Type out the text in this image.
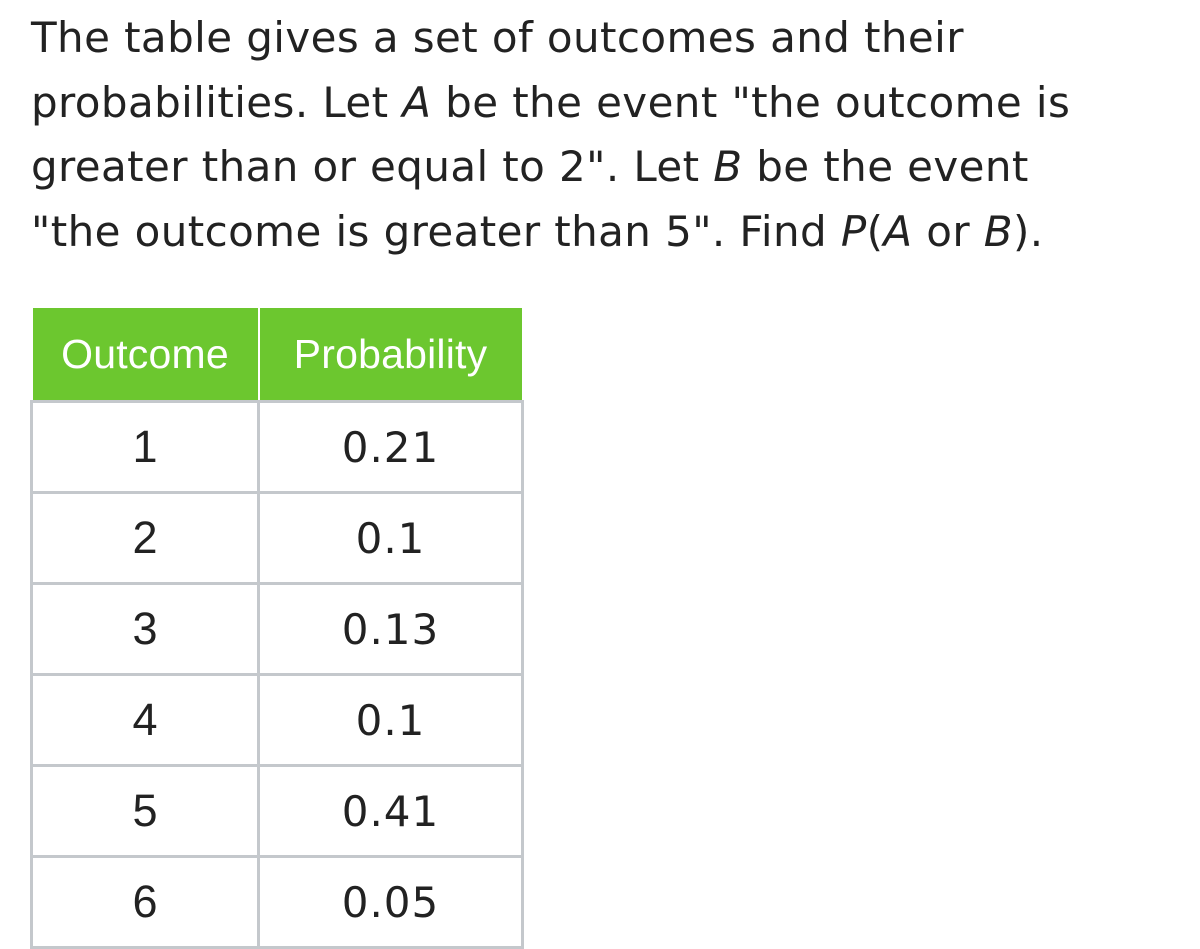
The table gives a set of outcomes and their
probabilities. Let A be the event "the outcome is
greater than or equal to 2". Let B be the event
"the outcome is greater than 5". Find P(A or B).
Outcome	Probability
1	0.21
2	0.1
3	0.13
4	0.1
5	0.41
6	0.05
